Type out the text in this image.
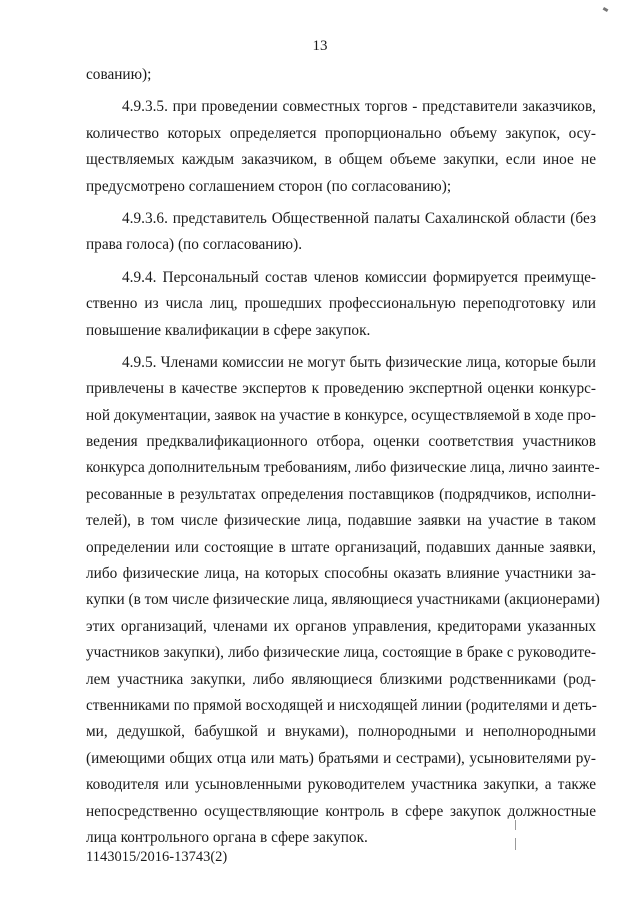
13
сованию);
4.9.3.5. при проведении совместных торгов - представители заказчиков,
количество которых определяется пропорционально объему закупок, осу-
ществляемых каждым заказчиком, в общем объеме закупки, если иное не
предусмотрено соглашением сторон (по согласованию);
4.9.3.6. представитель Общественной палаты Сахалинской области (без
права голоса) (по согласованию).
4.9.4. Персональный состав членов комиссии формируется преимуще-
ственно из числа лиц, прошедших профессиональную переподготовку или
повышение квалификации в сфере закупок.
4.9.5. Членами комиссии не могут быть физические лица, которые были
привлечены в качестве экспертов к проведению экспертной оценки конкурс-
ной документации, заявок на участие в конкурсе, осуществляемой в ходе про-
ведения предквалификационного отбора, оценки соответствия участников
конкурса дополнительным требованиям, либо физические лица, лично заинте-
ресованные в результатах определения поставщиков (подрядчиков, исполни-
телей), в том числе физические лица, подавшие заявки на участие в таком
определении или состоящие в штате организаций, подавших данные заявки,
либо физические лица, на которых способны оказать влияние участники за-
купки (в том числе физические лица, являющиеся участниками (акционерами)
этих организаций, членами их органов управления, кредиторами указанных
участников закупки), либо физические лица, состоящие в браке с руководите-
лем участника закупки, либо являющиеся близкими родственниками (род-
ственниками по прямой восходящей и нисходящей линии (родителями и деть-
ми, дедушкой, бабушкой и внуками), полнородными и неполнородными
(имеющими общих отца или мать) братьями и сестрами), усыновителями ру-
ководителя или усыновленными руководителем участника закупки, а также
непосредственно осуществляющие контроль в сфере закупок должностные
лица контрольного органа в сфере закупок.
1143015/2016-13743(2)
